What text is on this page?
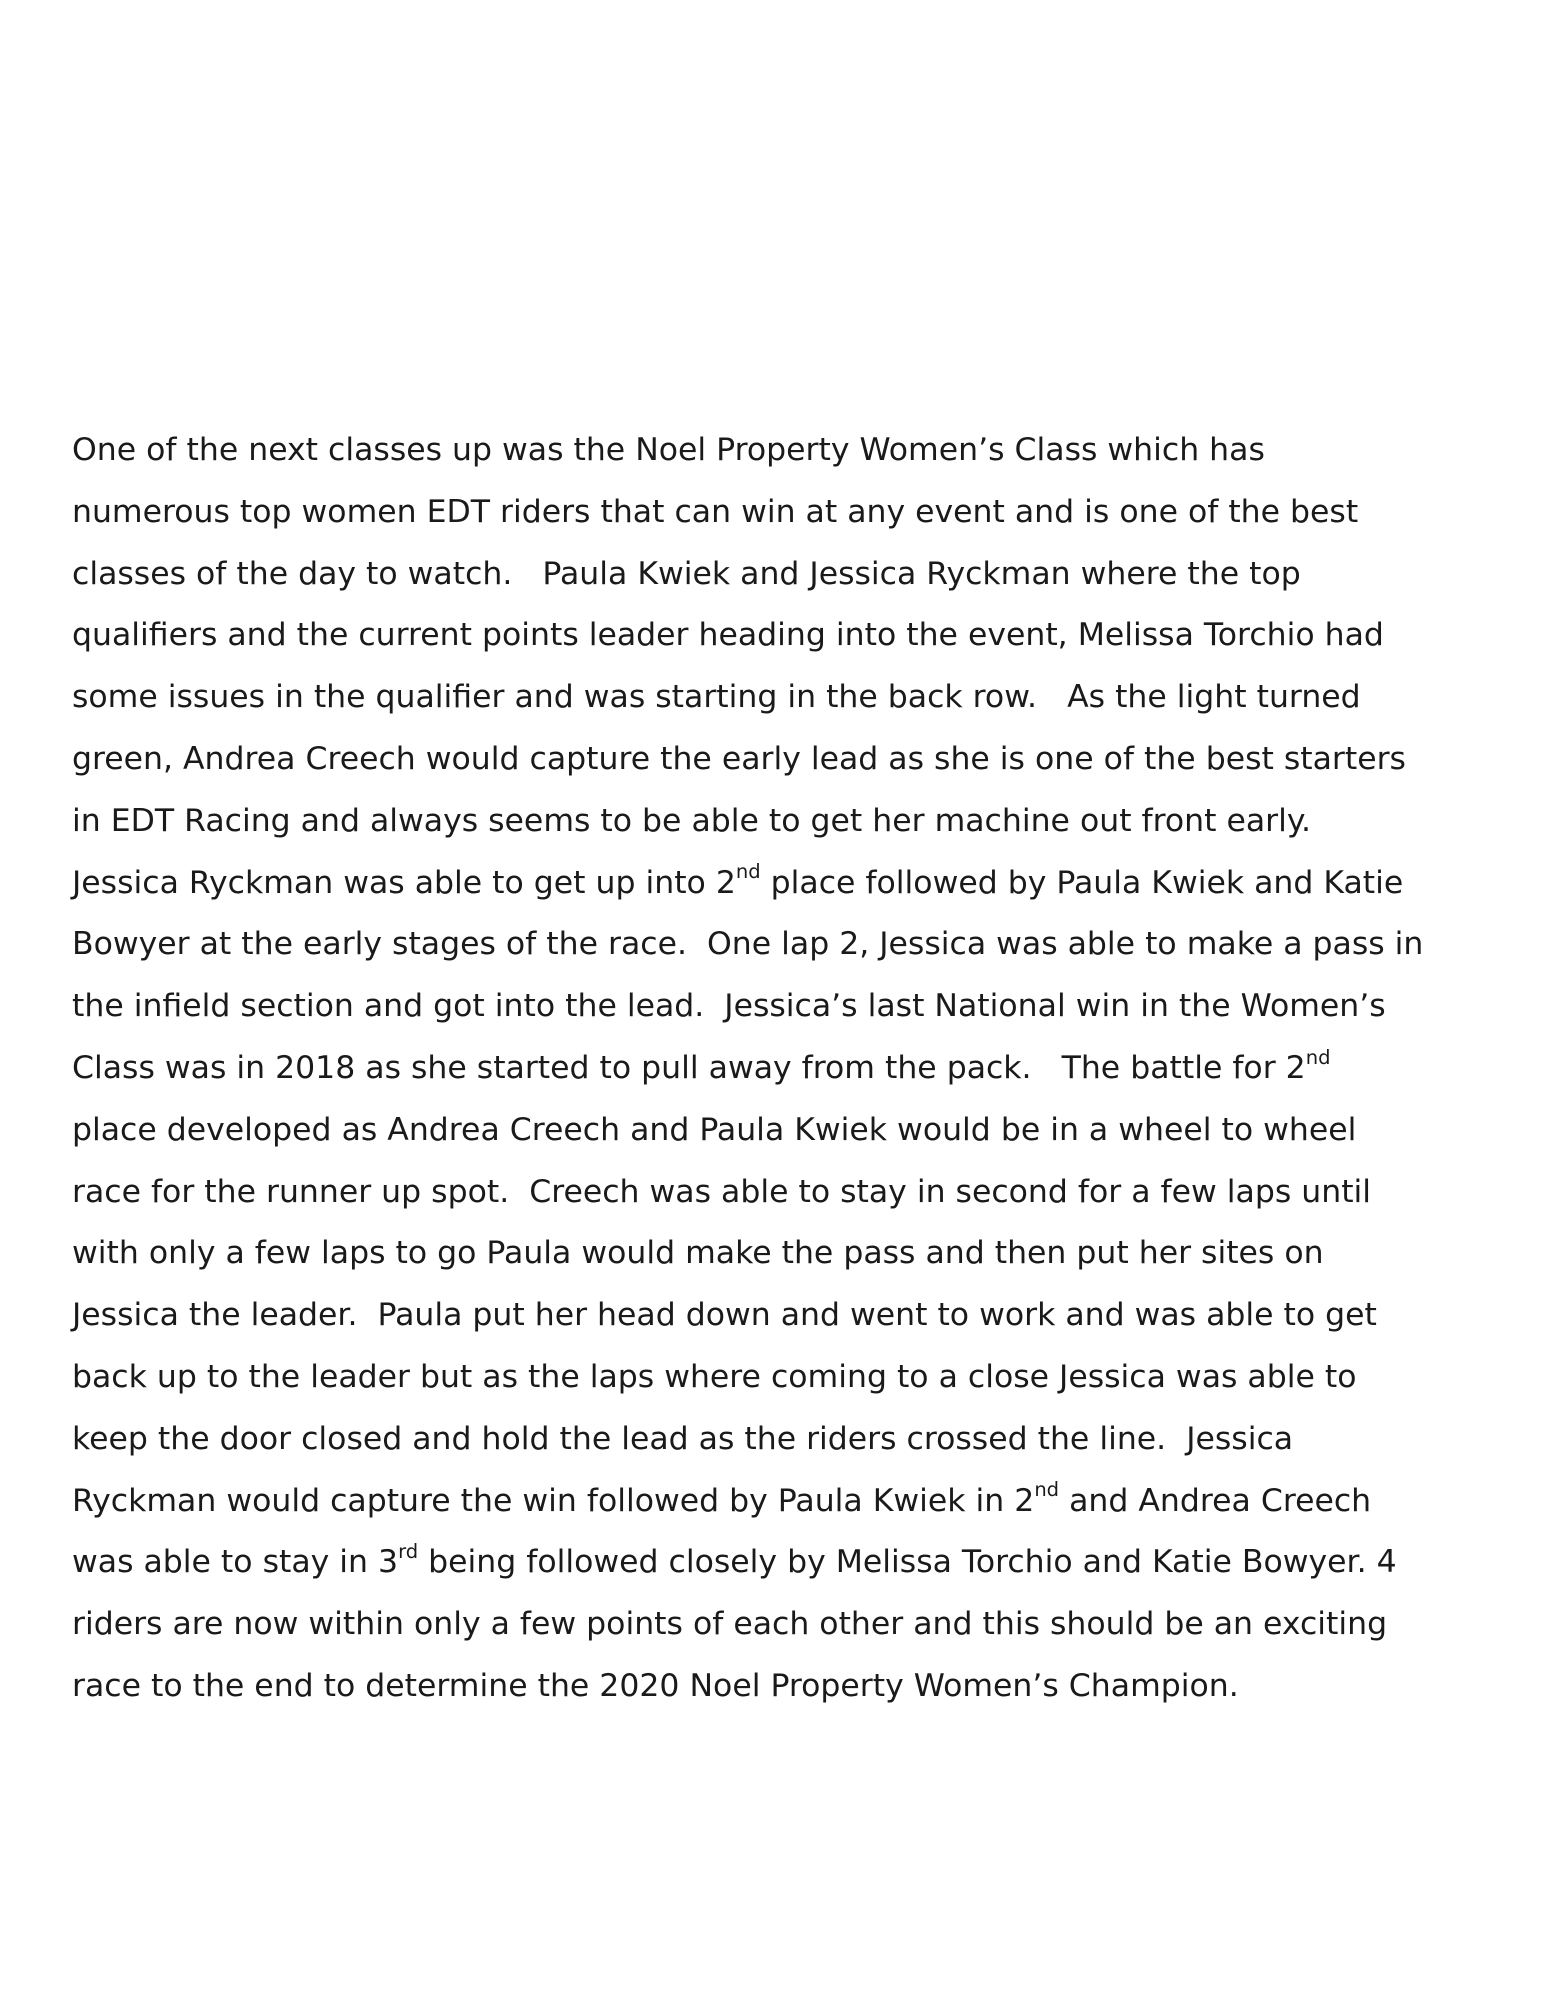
One of the next classes up was the Noel Property Women’s Class which has
numerous top women EDT riders that can win at any event and is one of the best
classes of the day to watch.   Paula Kwiek and Jessica Ryckman where the top
qualifiers and the current points leader heading into the event, Melissa Torchio had
some issues in the qualifier and was starting in the back row.   As the light turned
green, Andrea Creech would capture the early lead as she is one of the best starters
in EDT Racing and always seems to be able to get her machine out front early.
Jessica Ryckman was able to get up into 2nd place followed by Paula Kwiek and Katie
Bowyer at the early stages of the race.  One lap 2, Jessica was able to make a pass in
the infield section and got into the lead.  Jessica’s last National win in the Women’s
Class was in 2018 as she started to pull away from the pack.   The battle for 2nd
place developed as Andrea Creech and Paula Kwiek would be in a wheel to wheel
race for the runner up spot.  Creech was able to stay in second for a few laps until
with only a few laps to go Paula would make the pass and then put her sites on
Jessica the leader.  Paula put her head down and went to work and was able to get
back up to the leader but as the laps where coming to a close Jessica was able to
keep the door closed and hold the lead as the riders crossed the line.  Jessica
Ryckman would capture the win followed by Paula Kwiek in 2nd and Andrea Creech
was able to stay in 3rd being followed closely by Melissa Torchio and Katie Bowyer. 4
riders are now within only a few points of each other and this should be an exciting
race to the end to determine the 2020 Noel Property Women’s Champion.
